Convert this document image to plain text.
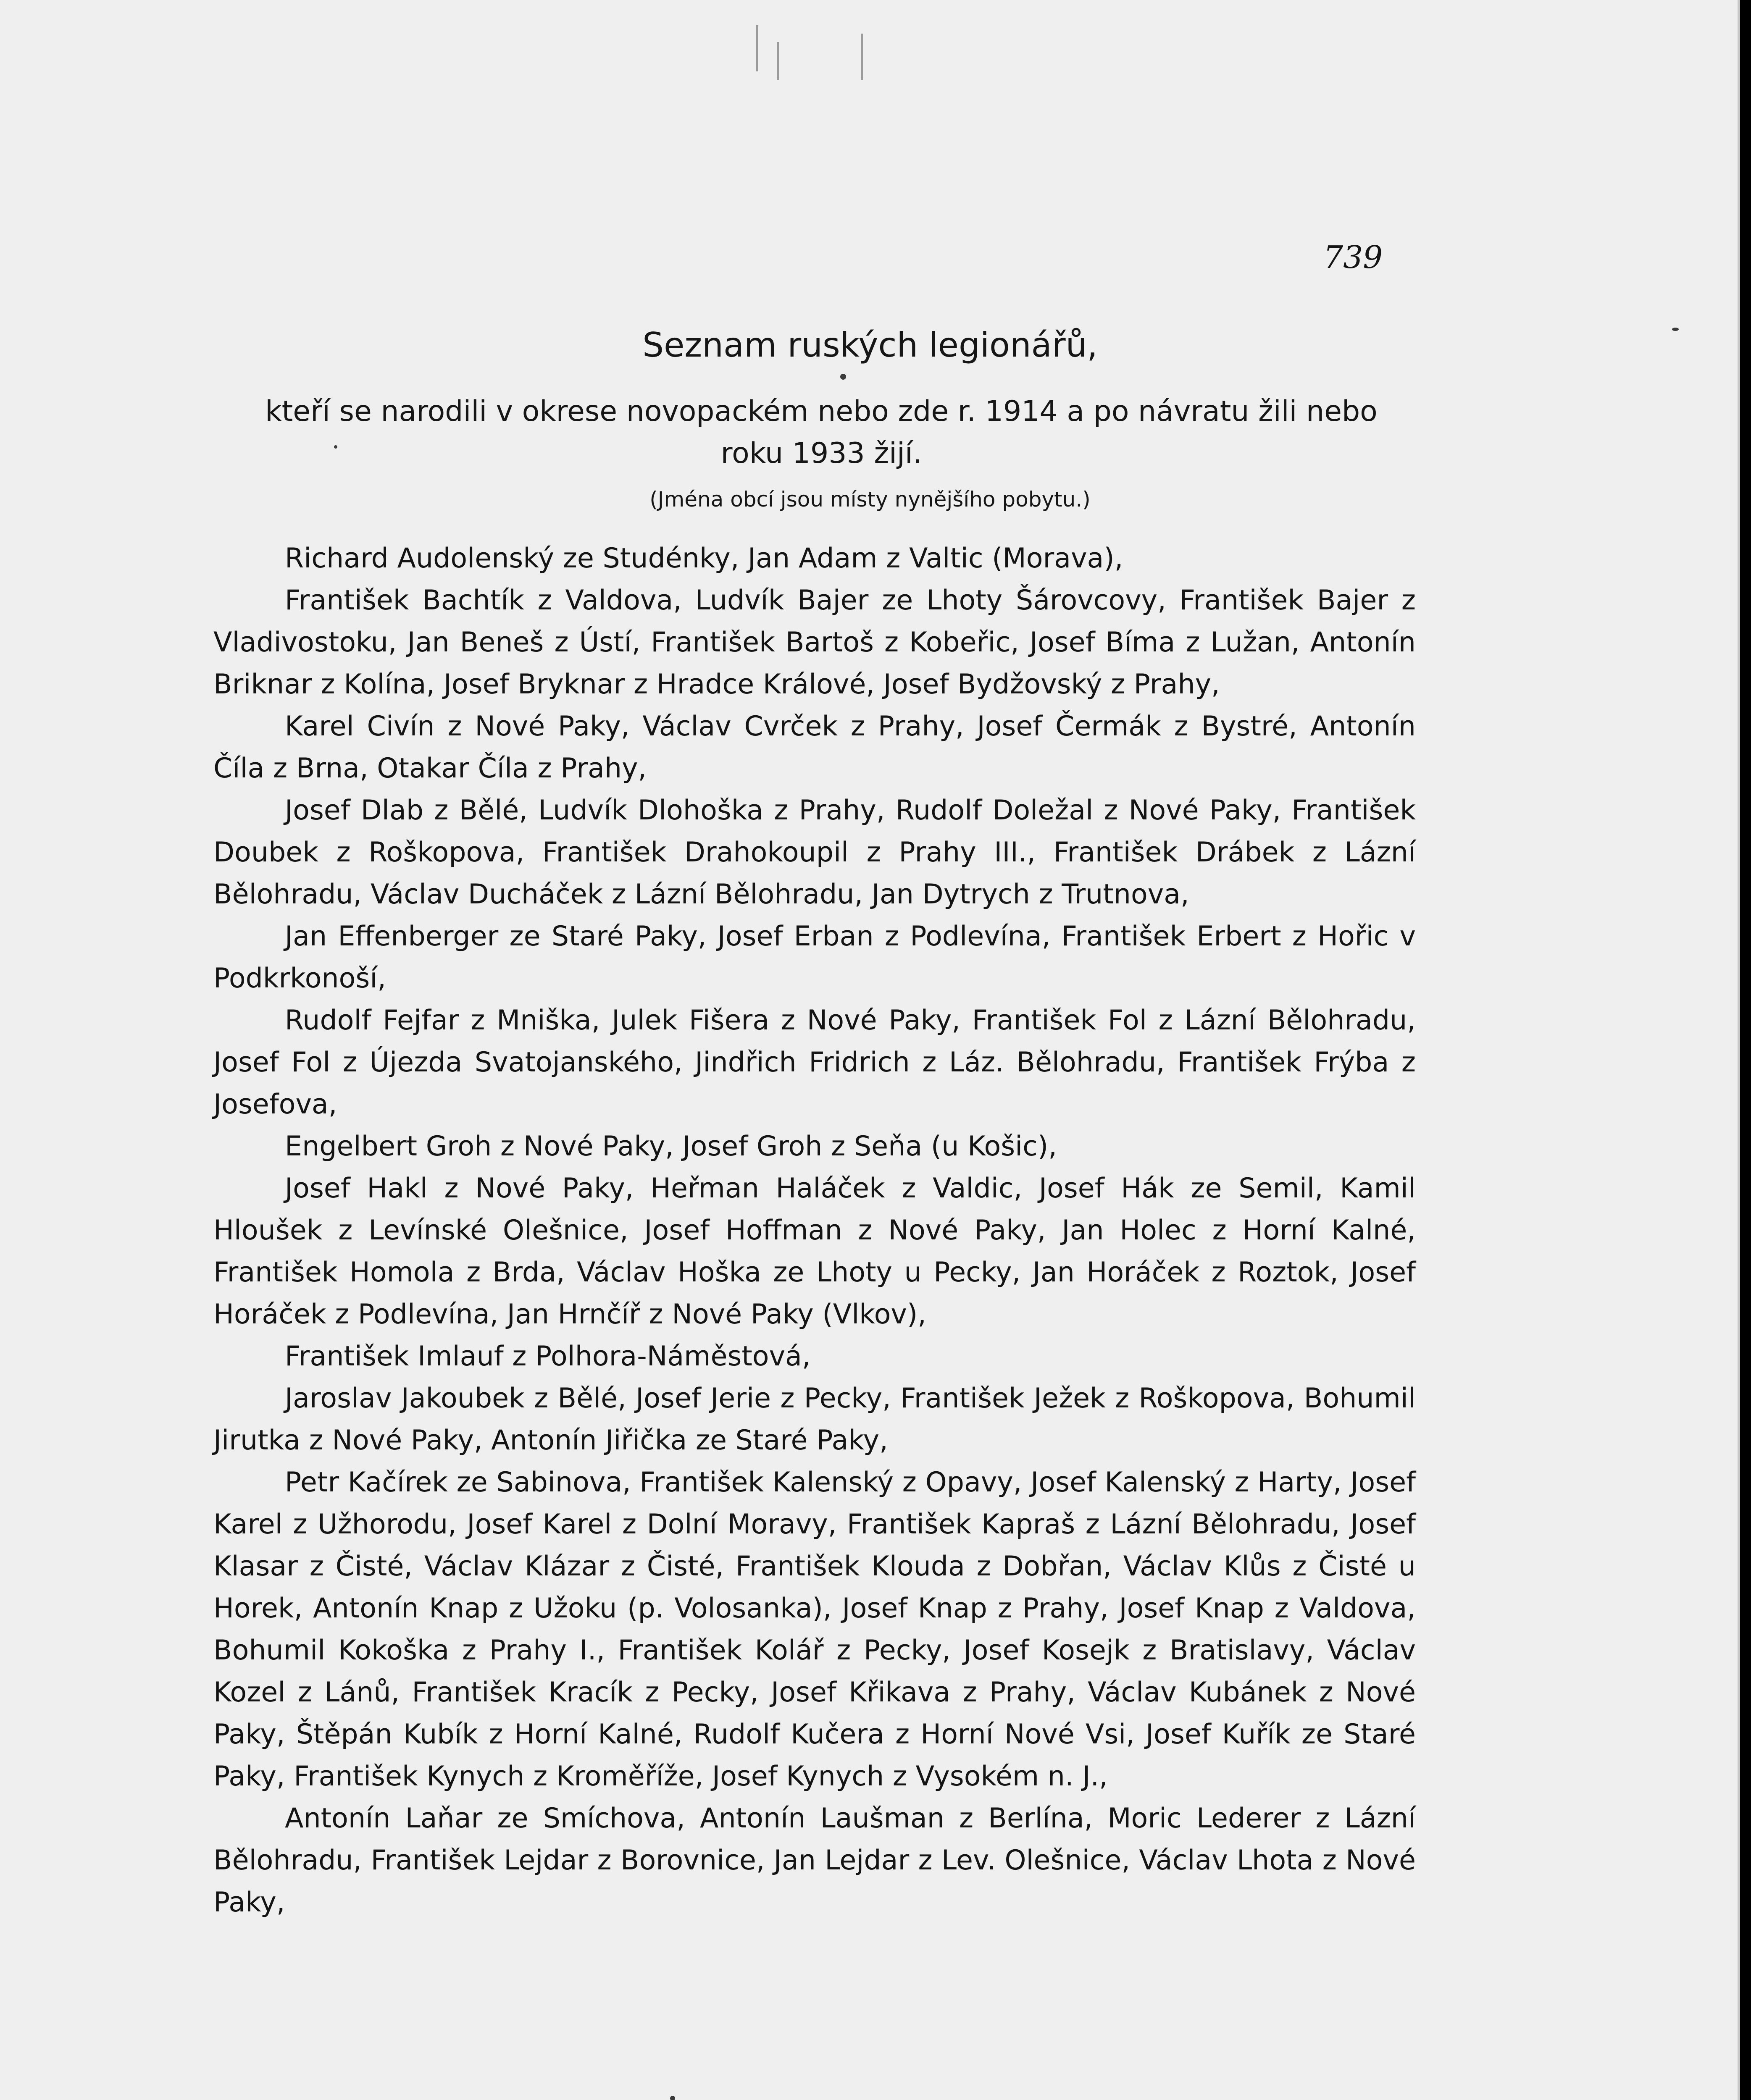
739
Seznam ruských legionářů,
kteří se narodili v okrese novopackém nebo zde r. 1914 a po návratu žili nebo roku 1933 žijí.
(Jména obcí jsou místy nynějšího pobytu.)

Richard Audolenský ze Studénky, Jan Adam z Valtic (Morava),

František Bachtík z Valdova, Ludvík Bajer ze Lhoty Šárovcovy, František Bajer z Vladivostoku, Jan Beneš z Ústí, František Bartoš z Kobeřic, Josef Bíma z Lužan, Antonín Briknar z Kolína, Josef Bryknar z Hradce Králové, Josef Bydžovský z Prahy,

Karel Civín z Nové Paky, Václav Cvrček z Prahy, Josef Čermák z Bystré, Antonín Číla z Brna, Otakar Číla z Prahy,

Josef Dlab z Bělé, Ludvík Dlohoška z Prahy, Rudolf Doležal z Nové Paky, František Doubek z Roškopova, František Drahokoupil z Prahy III., František Drábek z Lázní Bělohradu, Václav Ducháček z Lázní Bělohradu, Jan Dytrych z Trutnova,

Jan Effenberger ze Staré Paky, Josef Erban z Podlevína, František Erbert z Hořic v Podkrkonoší,

Rudolf Fejfar z Mniška, Julek Fišera z Nové Paky, František Fol z Lázní Bělohradu, Josef Fol z Újezda Svatojanského, Jindřich Fridrich z Láz. Bělohradu, František Frýba z Josefova,

Engelbert Groh z Nové Paky, Josef Groh z Seňa (u Košic),

Josef Hakl z Nové Paky, Heřman Haláček z Valdic, Josef Hák ze Semil, Kamil Hloušek z Levínské Olešnice, Josef Hoffman z Nové Paky, Jan Holec z Horní Kalné, František Homola z Brda, Václav Hoška ze Lhoty u Pecky, Jan Horáček z Roztok, Josef Horáček z Podlevína, Jan Hrnčíř z Nové Paky (Vlkov),

František Imlauf z Polhora-Náměstová,

Jaroslav Jakoubek z Bělé, Josef Jerie z Pecky, František Ježek z Roškopova, Bohumil Jirutka z Nové Paky, Antonín Jiřička ze Staré Paky,

Petr Kačírek ze Sabinova, František Kalenský z Opavy, Josef Kalenský z Harty, Josef Karel z Užhorodu, Josef Karel z Dolní Moravy, František Kapraš z Lázní Bělohradu, Josef Klasar z Čisté, Václav Klázar z Čisté, František Klouda z Dobřan, Václav Klůs z Čisté u Horek, Antonín Knap z Užoku (p. Volosanka), Josef Knap z Prahy, Josef Knap z Valdova, Bohumil Kokoška z Prahy I., František Kolář z Pecky, Josef Kosejk z Bratislavy, Václav Kozel z Lánů, František Kracík z Pecky, Josef Křikava z Prahy, Václav Kubánek z Nové Paky, Štěpán Kubík z Horní Kalné, Rudolf Kučera z Horní Nové Vsi, Josef Kuřík ze Staré Paky, František Kynych z Kroměříže, Josef Kynych z Vysokém n. J.,

Antonín Laňar ze Smíchova, Antonín Laušman z Berlína, Moric Lederer z Lázní Bělohradu, František Lejdar z Borovnice, Jan Lejdar z Lev. Olešnice, Václav Lhota z Nové Paky,
